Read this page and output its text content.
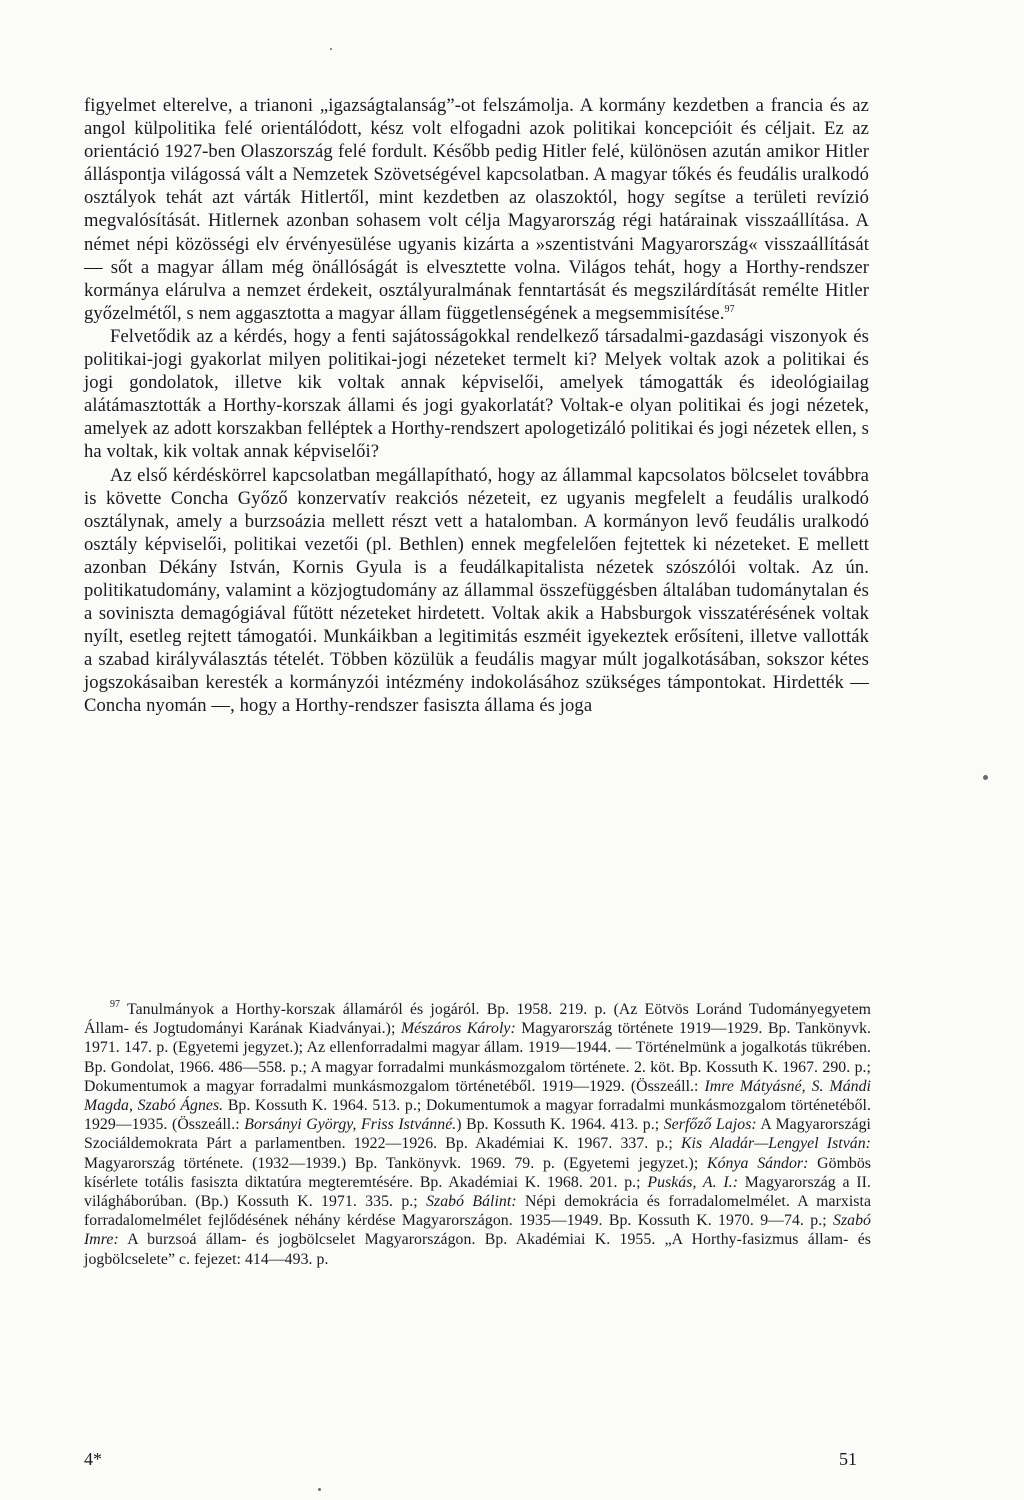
figyelmet elterelve, a trianoni „igazságtalanság”-ot felszámolja. A kormány kezdetben a francia és az angol külpolitika felé orientálódott, kész volt elfogadni azok politikai koncepcióit és céljait. Ez az orientáció 1927-ben Olaszország felé fordult. Később pedig Hitler felé, különösen azután amikor Hitler álláspontja világossá vált a Nemzetek Szövetségével kapcsolatban. A magyar tőkés és feudális uralkodó osztályok tehát azt várták Hitlertől, mint kezdetben az olaszoktól, hogy segítse a területi revízió megvalósítását. Hitlernek azonban sohasem volt célja Magyarország régi határainak visszaállítása. A német népi közösségi elv érvényesülése ugyanis kizárta a »szentistváni Magyarország« visszaállítását — sőt a magyar állam még önállóságát is elvesztette volna. Világos tehát, hogy a Horthy-rendszer kormánya elárulva a nemzet érdekeit, osztályuralmának fenntartását és megszilárdítását remélte Hitler győzelmétől, s nem aggasztotta a magyar állam függetlenségének a megsemmisítése.$^{97}$

Felvetődik az a kérdés, hogy a fenti sajátosságokkal rendelkező társadalmi-gazdasági viszonyok és politikai-jogi gyakorlat milyen politikai-jogi nézeteket termelt ki? Melyek voltak azok a politikai és jogi gondolatok, illetve kik voltak annak képviselői, amelyek támogatták és ideológiailag alátámasztották a Horthy-korszak állami és jogi gyakorlatát? Voltak-e olyan politikai és jogi nézetek, amelyek az adott korszakban felléptek a Horthy-rendszert apologetizáló politikai és jogi nézetek ellen, s ha voltak, kik voltak annak képviselői?

Az első kérdéskörrel kapcsolatban megállapítható, hogy az állammal kapcsolatos bölcselet továbbra is követte Concha Győző konzervatív reakciós nézeteit, ez ugyanis megfelelt a feudális uralkodó osztálynak, amely a burzsoázia mellett részt vett a hatalomban. A kormányon levő feudális uralkodó osztály képviselői, politikai vezetői (pl. Bethlen) ennek megfelelően fejtettek ki nézeteket. E mellett azonban Dékány István, Kornis Gyula is a feudálkapitalista nézetek szószólói voltak. Az ún. politikatudomány, valamint a közjogtudomány az állammal összefüggésben általában tudománytalan és a soviniszta demagógiával fűtött nézeteket hirdetett. Voltak akik a Habsburgok visszatérésének voltak nyílt, esetleg rejtett támogatói. Munkáikban a legitimitás eszméit igyekeztek erősíteni, illetve vallották a szabad királyválasztás tételét. Többen közülük a feudális magyar múlt jogalkotásában, sokszor kétes jogszokásaiban keresték a kormányzói intézmény indokolásához szükséges támpontokat. Hirdették — Concha nyomán —, hogy a Horthy-rendszer fasiszta állama és joga

$^{97}$ Tanulmányok a Horthy-korszak államáról és jogáról. Bp. 1958. 219. p. (Az Eötvös Loránd Tudományegyetem Állam- és Jogtudományi Karának Kiadványai.); Mészáros Károly: Magyarország története 1919—1929. Bp. Tankönyvk. 1971. 147. p. (Egyetemi jegyzet.); Az ellenforradalmi magyar állam. 1919—1944. — Történelmünk a jogalkotás tükrében. Bp. Gondolat, 1966. 486—558. p.; A magyar forradalmi munkásmozgalom története. 2. köt. Bp. Kossuth K. 1967. 290. p.; Dokumentumok a magyar forradalmi munkásmozgalom történetéből. 1919—1929. (Összeáll.: Imre Mátyásné, S. Mándi Magda, Szabó Ágnes. Bp. Kossuth K. 1964. 513. p.; Dokumentumok a magyar forradalmi munkásmozgalom történetéből. 1929—1935. (Összeáll.: Borsányi György, Friss Istvánné.) Bp. Kossuth K. 1964. 413. p.; Serfőző Lajos: A Magyarországi Szociáldemokrata Párt a parlamentben. 1922—1926. Bp. Akadémiai K. 1967. 337. p.; Kis Aladár—Lengyel István: Magyarország története. (1932—1939.) Bp. Tankönyvk. 1969. 79. p. (Egyetemi jegyzet.); Kónya Sándor: Gömbös kísérlete totális fasiszta diktatúra megteremtésére. Bp. Akadémiai K. 1968. 201. p.; Puskás, A. I.: Magyarország a II. világháborúban. (Bp.) Kossuth K. 1971. 335. p.; Szabó Bálint: Népi demokrácia és forradalomelmélet. A marxista forradalomelmélet fejlődésének néhány kérdése Magyarországon. 1935—1949. Bp. Kossuth K. 1970. 9—74. p.; Szabó Imre: A burzsoá állam- és jogbölcselet Magyarországon. Bp. Akadémiai K. 1955. „A Horthy-fasizmus állam- és jogbölcselete” c. fejezet: 414—493. p.

4*	51
